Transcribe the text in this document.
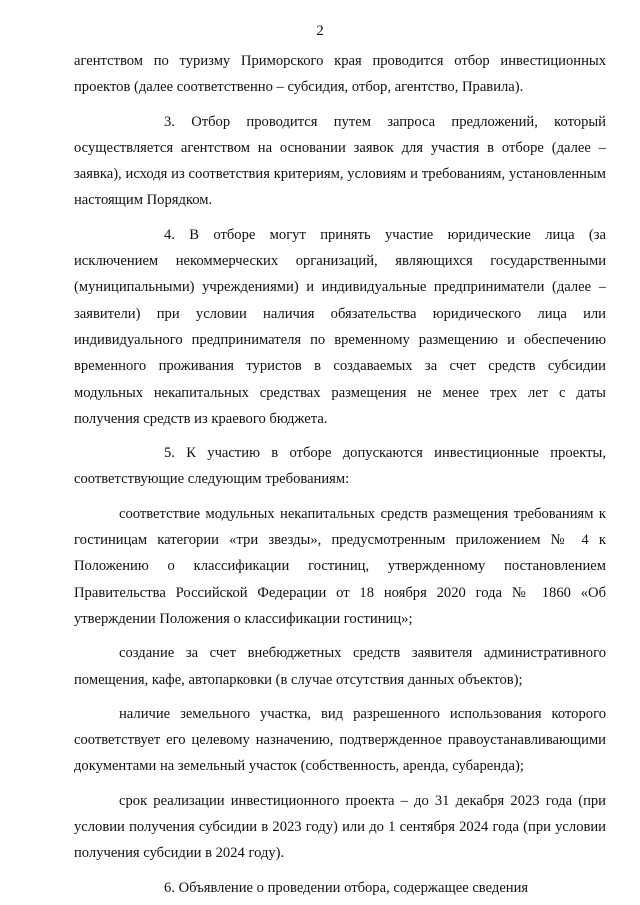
2

агентством по туризму Приморского края проводится отбор инвестиционных проектов (далее соответственно – субсидия, отбор, агентство, Правила).

3. Отбор проводится путем запроса предложений, который осуществляется агентством на основании заявок для участия в отборе (далее – заявка), исходя из соответствия критериям, условиям и требованиям, установленным настоящим Порядком.

4. В отборе могут принять участие юридические лица (за исключением некоммерческих организаций, являющихся государственными (муниципальными) учреждениями) и индивидуальные предприниматели (далее – заявители) при условии наличия обязательства юридического лица или индивидуального предпринимателя по временному размещению и обеспечению временного проживания туристов в создаваемых за счет средств субсидии модульных некапитальных средствах размещения не менее трех лет с даты получения средств из краевого бюджета.

5. К участию в отборе допускаются инвестиционные проекты, соответствующие следующим требованиям:

соответствие модульных некапитальных средств размещения требованиям к гостиницам категории «три звезды», предусмотренным приложением № 4 к Положению о классификации гостиниц, утвержденному постановлением Правительства Российской Федерации от 18 ноября 2020 года № 1860 «Об утверждении Положения о классификации гостиниц»;

создание за счет внебюджетных средств заявителя административного помещения, кафе, автопарковки (в случае отсутствия данных объектов);

наличие земельного участка, вид разрешенного использования которого соответствует его целевому назначению, подтвержденное правоустанавливающими документами на земельный участок (собственность, аренда, субаренда);

срок реализации инвестиционного проекта – до 31 декабря 2023 года (при условии получения субсидии в 2023 году) или до 1 сентября 2024 года (при условии получения субсидии в 2024 году).

6. Объявление о проведении отбора, содержащее сведения
